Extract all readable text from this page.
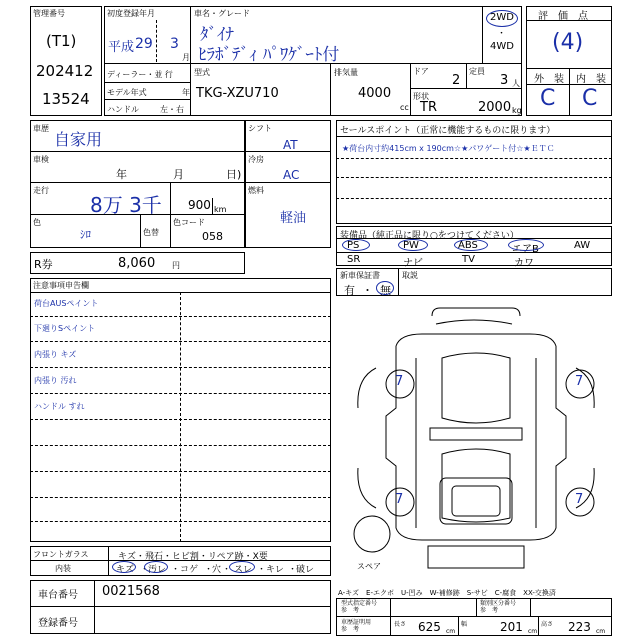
管理番号
(T1)
202412
13524
初度登録年月
平成 29 3
月
車名・グレード
ﾀﾞｲﾅ
ﾋﾗﾎﾞﾃﾞｨ ﾊﾟﾜｹﾞｰﾄ付
2WD
・
4WD
評　価　点
(4)
外　装 内　装
C C
ディーラー・並 行
モデル年式	年
ハンドル	左・右
型式
TKG-XZU710
排気量
4000
cc
ドア
2
定員
3 人
形状
TR	2000 kg
車歴
自家用
車検
年	月	日)
走行
8万 3千 900 km
色
ｼﾛ	色替
色コード
058
シフト
AT
冷房
AC
燃料
軽油
R券	8,060 円
注意事項申告欄
荷台AUSペイント
下廻りSペイント
内張り キズ
内張り 汚れ
ハンドル すれ
セールスポイント（正常に機能するものに限ります）
★荷台内寸約415cm x 190cm☆★パワゲート付☆★ＥＴＣ
装備品（純正品に限り○をつけてください）
PS	PW	ABS	エアB	AW
SR	ナビ	TV	カワ
新車保証書	取説
有 ・ 無
7	7
7	7
スペア
フロントガラス	キズ・飛石・ヒビ割・リペア跡・X要
内装	キズ ・
汚レ ・ コゲ ・
穴 ・ スレ ・ キレ ・
破レ
車台番号 0021568
登録番号
A-キズ　E-エクボ　U-凹み　W-補修跡　S-サビ　C-腐食　XX-交換済
型式指定番号
参　考
類別区分番号
参　考
車歴証明用
参　考
長さ 625 cm
幅	201 cm
高さ 223 cm
